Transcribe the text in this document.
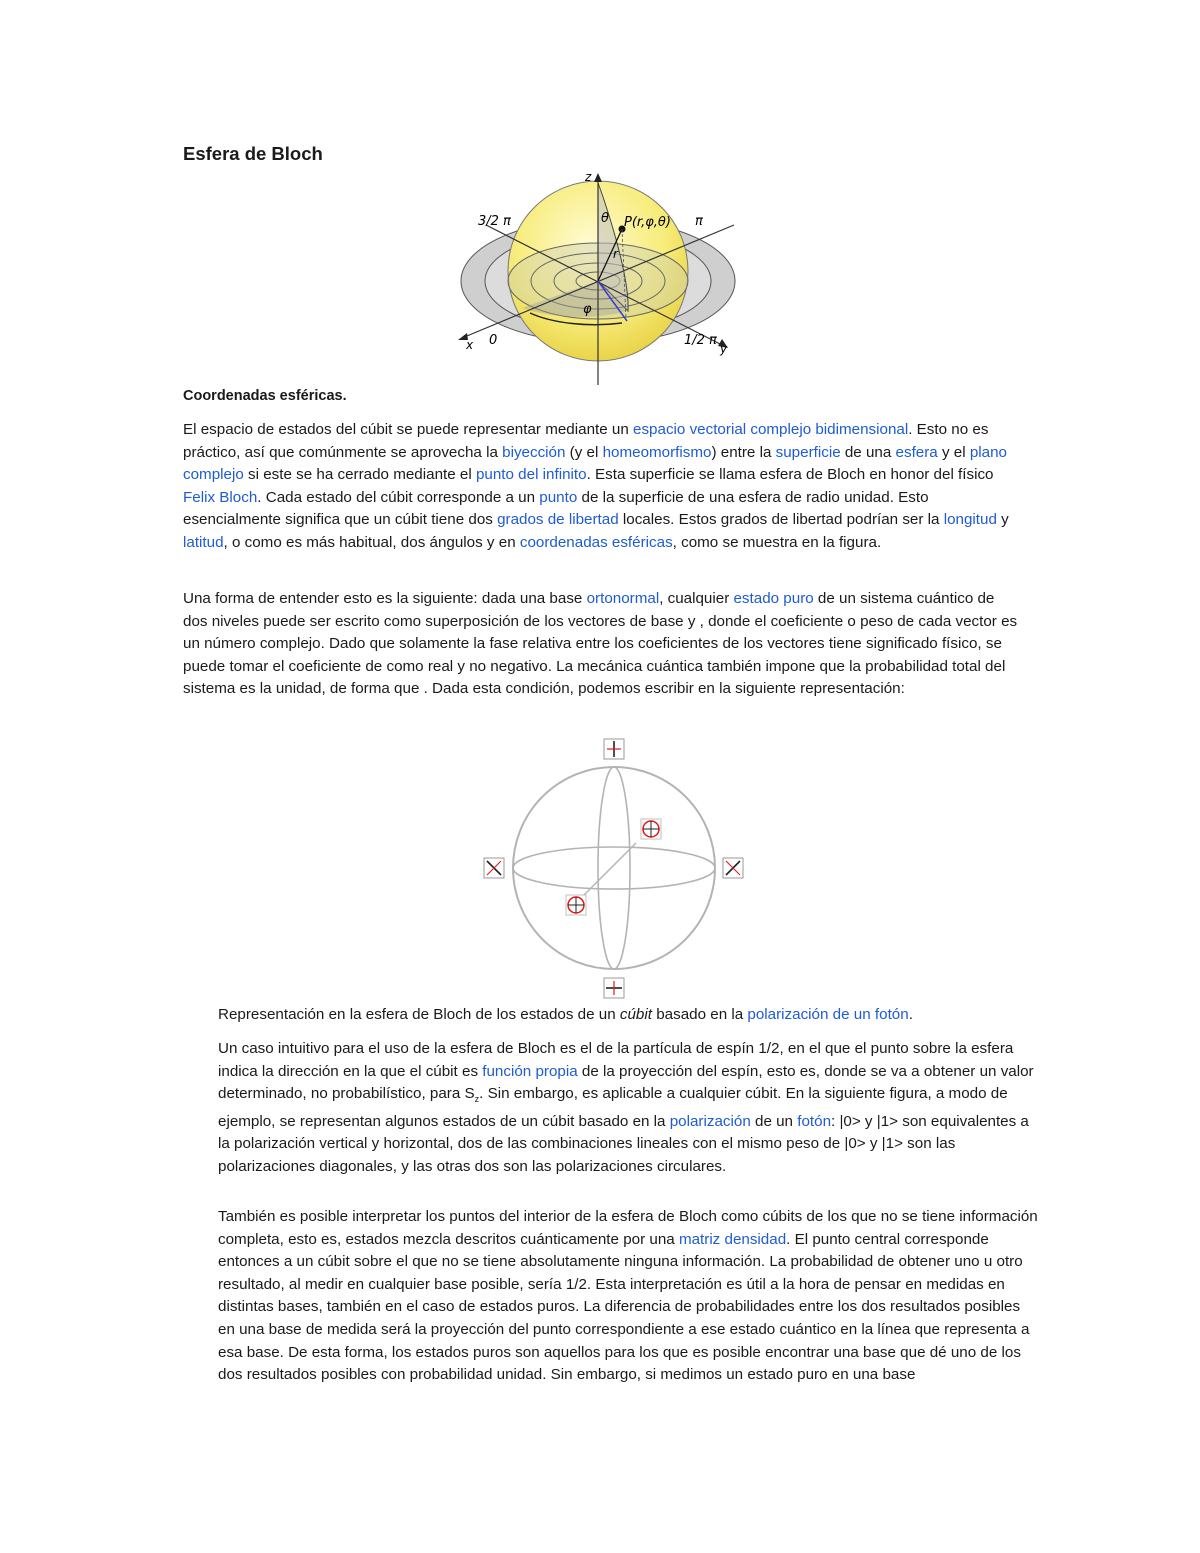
Esfera de Bloch
z
3/2 π	π
θ P(r,φ,θ)
r
φ
x 0	1/2 π
y

Coordenadas esféricas.

El espacio de estados del cúbit se puede representar mediante un espacio vectorial complejo bidimensional. Esto no es práctico, así que comúnmente se aprovecha la biyección (y el homeomorfismo) entre la superficie de una esfera y el plano complejo si este se ha cerrado mediante el punto del infinito. Esta superficie se llama esfera de Bloch en honor del físico Felix Bloch. Cada estado del cúbit corresponde a un punto de la superficie de una esfera de radio unidad. Esto esencialmente significa que un cúbit tiene dos grados de libertad locales. Estos grados de libertad podrían ser la longitud y latitud, o como es más habitual, dos ángulos y en coordenadas esféricas, como se muestra en la figura.

Una forma de entender esto es la siguiente: dada una base ortonormal, cualquier estado puro de un sistema cuántico de dos niveles puede ser escrito como superposición de los vectores de base y , donde el coeficiente o peso de cada vector es un número complejo. Dado que solamente la fase relativa entre los coeficientes de los vectores tiene significado físico, se puede tomar el coeficiente de como real y no negativo. La mecánica cuántica también impone que la probabilidad total del sistema es la unidad, de forma que . Dada esta condición, podemos escribir en la siguiente representación:

Representación en la esfera de Bloch de los estados de un cúbit basado en la polarización de un fotón.

Un caso intuitivo para el uso de la esfera de Bloch es el de la partícula de espín 1/2, en el que el punto sobre la esfera indica la dirección en la que el cúbit es función propia de la proyección del espín, esto es, donde se va a obtener un valor determinado, no probabilístico, para $S_z$. Sin embargo, es aplicable a cualquier cúbit. En la siguiente figura, a modo de ejemplo, se representan algunos estados de un cúbit basado en la polarización de un fotón: |0> y |1> son equivalentes a la polarización vertical y horizontal, dos de las combinaciones lineales con el mismo peso de |0> y |1> son las polarizaciones diagonales, y las otras dos son las polarizaciones circulares.

También es posible interpretar los puntos del interior de la esfera de Bloch como cúbits de los que no se tiene información completa, esto es, estados mezcla descritos cuánticamente por una matriz densidad. El punto central corresponde entonces a un cúbit sobre el que no se tiene absolutamente ninguna información. La probabilidad de obtener uno u otro resultado, al medir en cualquier base posible, sería 1/2. Esta interpretación es útil a la hora de pensar en medidas en distintas bases, también en el caso de estados puros. La diferencia de probabilidades entre los dos resultados posibles en una base de medida será la proyección del punto correspondiente a ese estado cuántico en la línea que representa a esa base. De esta forma, los estados puros son aquellos para los que es posible encontrar una base que dé uno de los dos resultados posibles con probabilidad unidad. Sin embargo, si medimos un estado puro en una base
